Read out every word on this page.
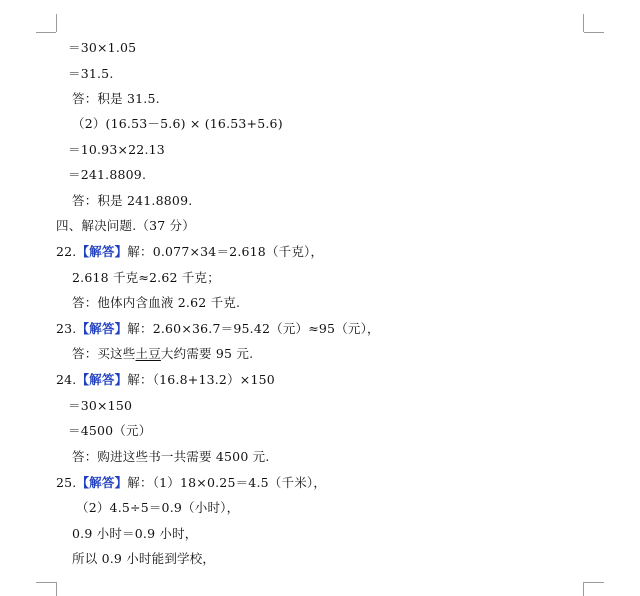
＝30×1.05
＝31.5.
答：积是 31.5.
（2）(16.53－5.6) × (16.53+5.6)
＝10.93×22.13
＝241.8809.
答：积是 241.8809.
四、解决问题.（37 分）
22.【解答】解：0.077×34＝2.618（千克），
2.618 千克≈2.62 千克；
答：他体内含血液 2.62 千克.
23.【解答】解：2.60×36.7＝95.42（元）≈95（元），
答：买这些土豆大约需要 95 元.
24.【解答】解：（16.8+13.2）×150
＝30×150
＝4500（元）
答：购进这些书一共需要 4500 元.
25.【解答】解：（1）18×0.25＝4.5（千米），
（2）4.5÷5＝0.9（小时），
0.9 小时＝0.9 小时，
所以 0.9 小时能到学校，
